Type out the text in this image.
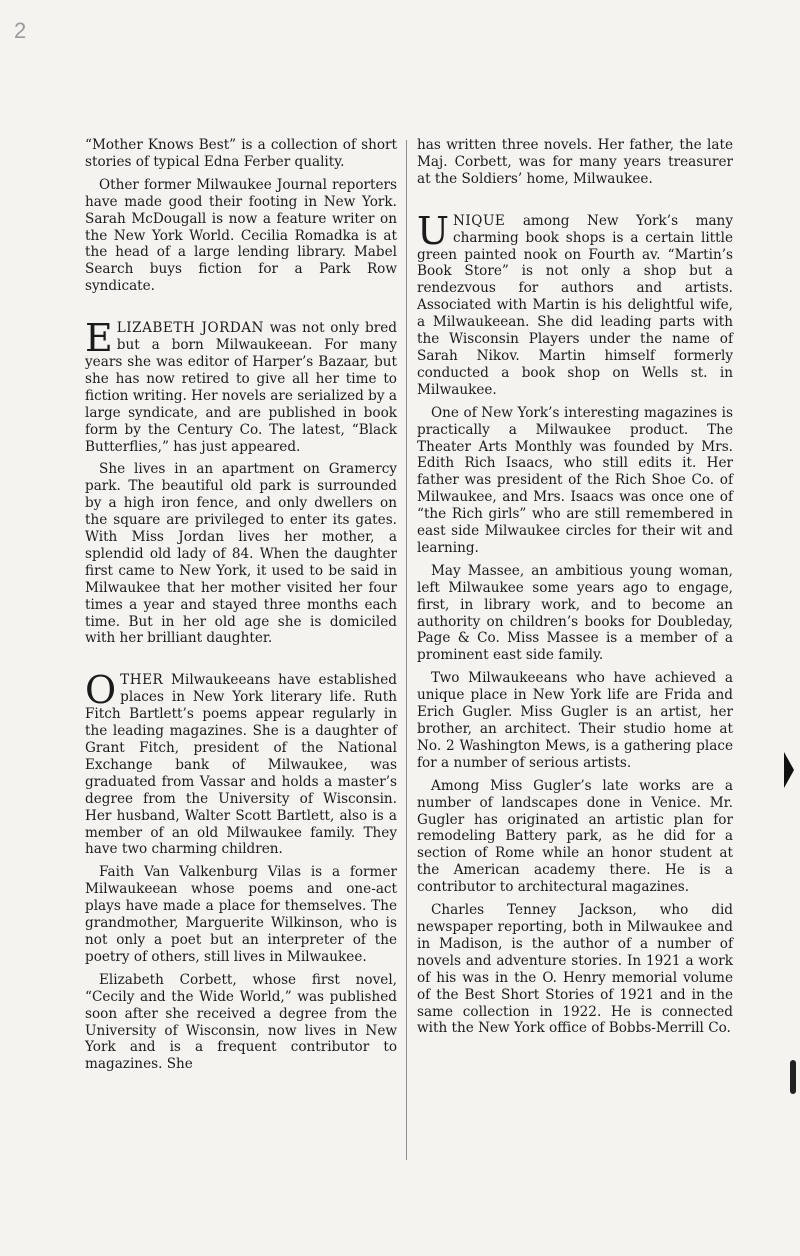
2

“Mother Knows Best” is a collection of short stories of typical Edna Ferber quality.

Other former Milwaukee Journal reporters have made good their footing in New York. Sarah McDougall is now a feature writer on the New York World. Cecilia Romadka is at the head of a large lending library. Mabel Search buys fiction for a Park Row syndicate.

ELIZABETH JORDAN was not only bred but a born Milwaukeean. For many years she was editor of Harper’s Bazaar, but she has now retired to give all her time to fiction writing. Her novels are serialized by a large syndicate, and are published in book form by the Century Co. The latest, “Black Butterflies,” has just appeared.

She lives in an apartment on Gramercy park. The beautiful old park is surrounded by a high iron fence, and only dwellers on the square are privileged to enter its gates. With Miss Jordan lives her mother, a splendid old lady of 84. When the daughter first came to New York, it used to be said in Milwaukee that her mother visited her four times a year and stayed three months each time. But in her old age she is domiciled with her brilliant daughter.

OTHER Milwaukeeans have established places in New York literary life. Ruth Fitch Bartlett’s poems appear regularly in the leading magazines. She is a daughter of Grant Fitch, president of the National Exchange bank of Milwaukee, was graduated from Vassar and holds a master’s degree from the University of Wisconsin. Her husband, Walter Scott Bartlett, also is a member of an old Milwaukee family. They have two charming children.

Faith Van Valkenburg Vilas is a former Milwaukeean whose poems and one-act plays have made a place for themselves. The grandmother, Marguerite Wilkinson, who is not only a poet but an interpreter of the poetry of others, still lives in Milwaukee.

Elizabeth Corbett, whose first novel, “Cecily and the Wide World,” was published soon after she received a degree from the University of Wisconsin, now lives in New York and is a frequent contributor to magazines. She

has written three novels. Her father, the late Maj. Corbett, was for many years treasurer at the Soldiers’ home, Milwaukee.

UNIQUE among New York’s many charming book shops is a certain little green painted nook on Fourth av. “Martin’s Book Store” is not only a shop but a rendezvous for authors and artists. Associated with Martin is his delightful wife, a Milwaukeean. She did leading parts with the Wisconsin Players under the name of Sarah Nikov. Martin himself formerly conducted a book shop on Wells st. in Milwaukee.

One of New York’s interesting magazines is practically a Milwaukee product. The Theater Arts Monthly was founded by Mrs. Edith Rich Isaacs, who still edits it. Her father was president of the Rich Shoe Co. of Milwaukee, and Mrs. Isaacs was once one of “the Rich girls” who are still remembered in east side Milwaukee circles for their wit and learning.

May Massee, an ambitious young woman, left Milwaukee some years ago to engage, first, in library work, and to become an authority on children’s books for Doubleday, Page & Co. Miss Massee is a member of a prominent east side family.

Two Milwaukeeans who have achieved a unique place in New York life are Frida and Erich Gugler. Miss Gugler is an artist, her brother, an architect. Their studio home at No. 2 Washington Mews, is a gathering place for a number of serious artists.

Among Miss Gugler’s late works are a number of landscapes done in Venice. Mr. Gugler has originated an artistic plan for remodeling Battery park, as he did for a section of Rome while an honor student at the American academy there. He is a contributor to architectural magazines.

Charles Tenney Jackson, who did newspaper reporting, both in Milwaukee and in Madison, is the author of a number of novels and adventure stories. In 1921 a work of his was in the O. Henry memorial volume of the Best Short Stories of 1921 and in the same collection in 1922. He is connected with the New York office of Bobbs-Merrill Co.
